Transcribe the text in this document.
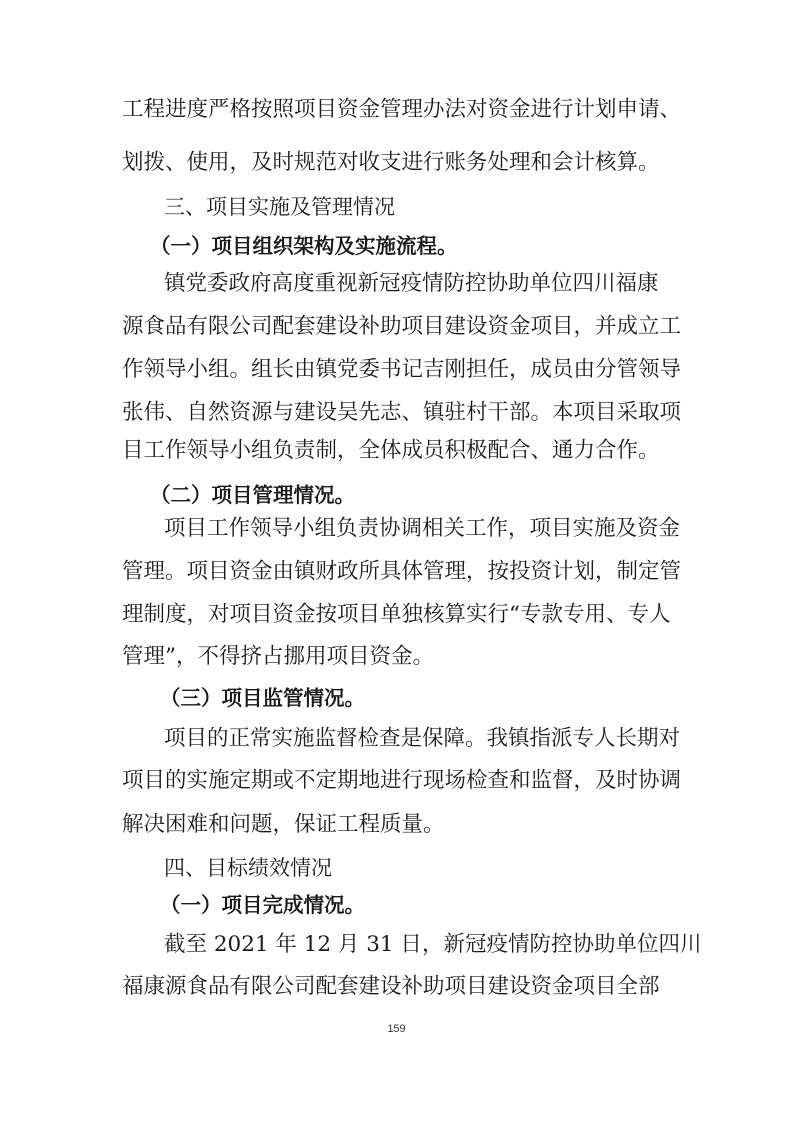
工程进度严格按照项目资金管理办法对资金进行计划申请、
划拨、使用，及时规范对收支进行账务处理和会计核算。
三、项目实施及管理情况
（一）项目组织架构及实施流程。
镇党委政府高度重视新冠疫情防控协助单位四川福康
源食品有限公司配套建设补助项目建设资金项目，并成立工
作领导小组。组长由镇党委书记吉刚担任，成员由分管领导
张伟、自然资源与建设吴先志、镇驻村干部。本项目采取项
目工作领导小组负责制，全体成员积极配合、通力合作。
（二）项目管理情况。
项目工作领导小组负责协调相关工作，项目实施及资金
管理。项目资金由镇财政所具体管理，按投资计划，制定管
理制度，对项目资金按项目单独核算实行“专款专用、专人
管理”，不得挤占挪用项目资金。
（三）项目监管情况。
项目的正常实施监督检查是保障。我镇指派专人长期对
项目的实施定期或不定期地进行现场检查和监督，及时协调
解决困难和问题，保证工程质量。
四、目标绩效情况
（一）项目完成情况。
截至 2021 年 12 月 31 日，新冠疫情防控协助单位四川
福康源食品有限公司配套建设补助项目建设资金项目全部
159
